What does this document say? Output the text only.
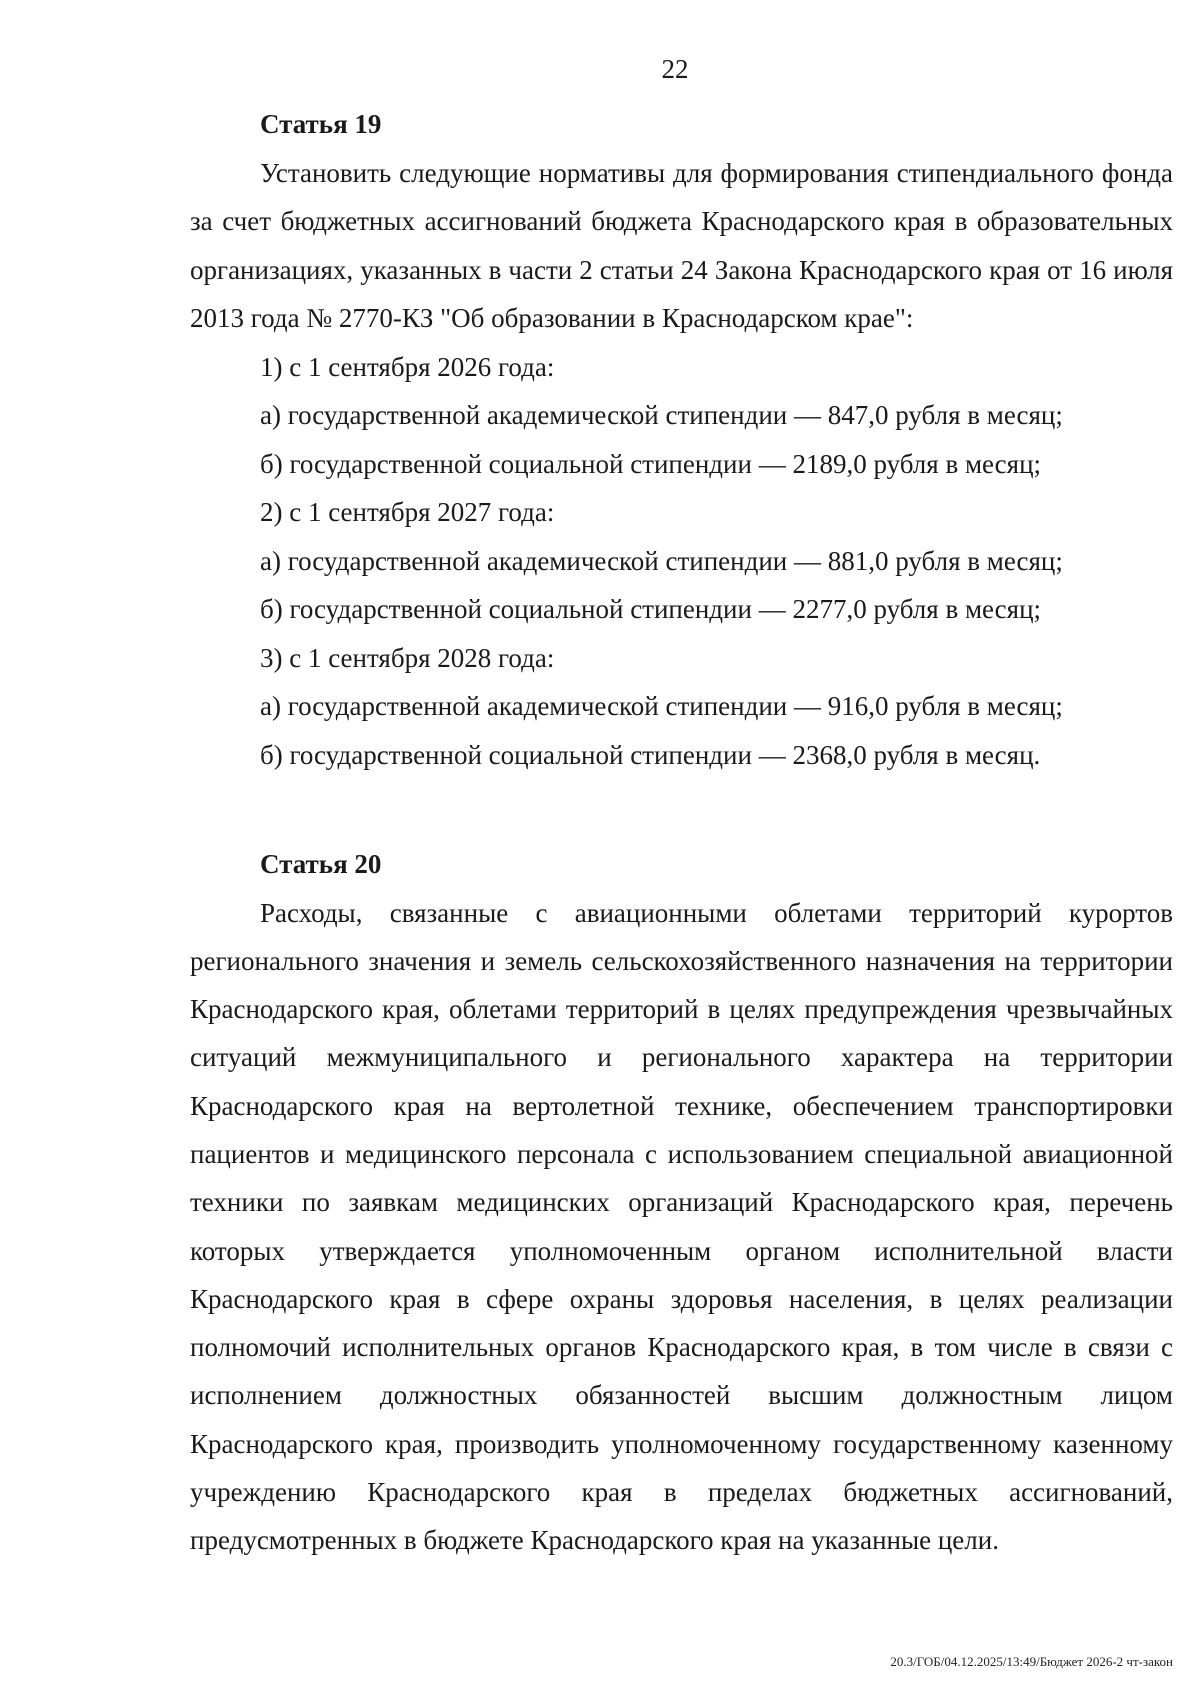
22

Статья 19

Установить следующие нормативы для формирования стипендиального фонда за счет бюджетных ассигнований бюджета Краснодарского края в образовательных организациях, указанных в части 2 статьи 24 Закона Краснодарского края от 16 июля 2013 года № 2770-КЗ "Об образовании в Краснодарском крае":

1) с 1 сентября 2026 года:

а) государственной академической стипендии — 847,0 рубля в месяц;

б) государственной социальной стипендии — 2189,0 рубля в месяц;

2) с 1 сентября 2027 года:

а) государственной академической стипендии — 881,0 рубля в месяц;

б) государственной социальной стипендии — 2277,0 рубля в месяц;

3) с 1 сентября 2028 года:

а) государственной академической стипендии — 916,0 рубля в месяц;

б) государственной социальной стипендии — 2368,0 рубля в месяц.

Статья 20

Расходы, связанные с авиационными облетами территорий курортов регионального значения и земель сельскохозяйственного назначения на территории Краснодарского края, облетами территорий в целях предупреждения чрезвычайных ситуаций межмуниципального и регионального характера на территории Краснодарского края на вертолетной технике, обеспечением транспортировки пациентов и медицинского персонала с использованием специальной авиационной техники по заявкам медицинских организаций Краснодарского края, перечень которых утверждается уполномоченным органом исполнительной власти Краснодарского края в сфере охраны здоровья населения, в целях реализации полномочий исполнительных органов Краснодарского края, в том числе в связи с исполнением должностных обязанностей высшим должностным лицом Краснодарского края, производить уполномоченному государственному казенному учреждению Краснодарского края в пределах бюджетных ассигнований, предусмотренных в бюджете Краснодарского края на указанные цели.

20.3/ГОБ/04.12.2025/13:49/Бюджет 2026-2 чт-закон
